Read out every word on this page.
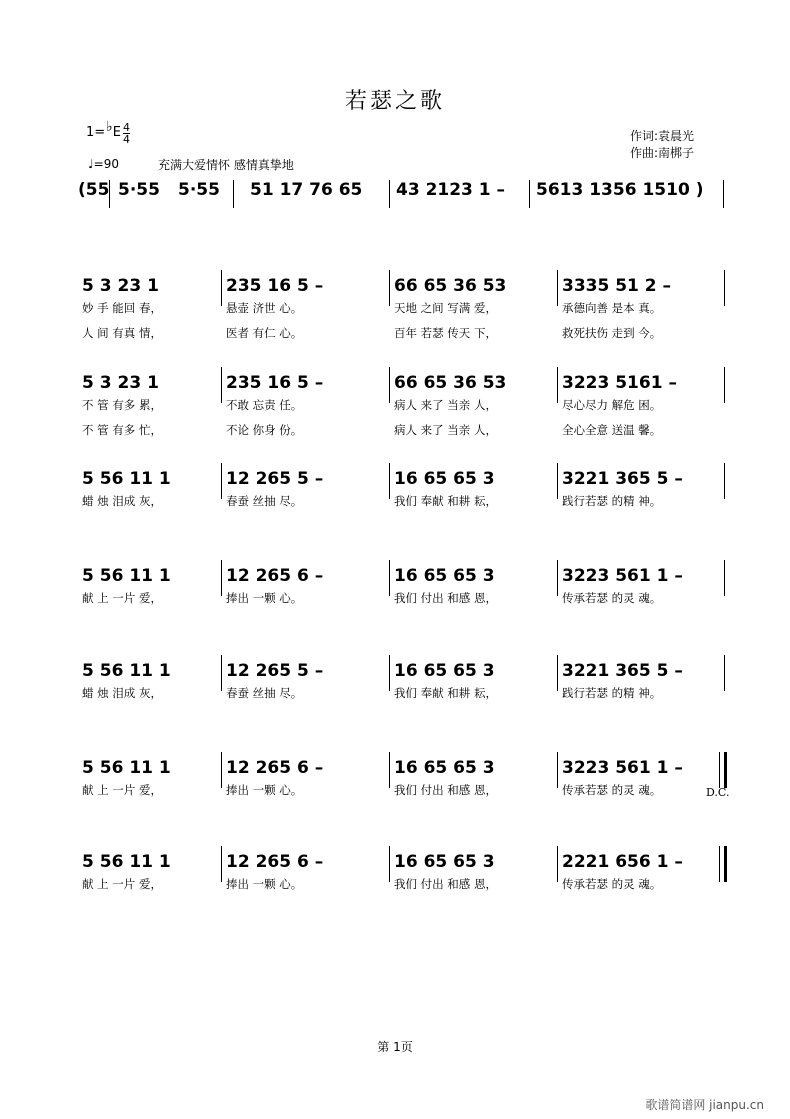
若瑟之歌
1= ♭ E $\frac{4}{4}$
♩=90	充满大爱情怀 感情真挚地
作词:袁晨光
作曲:南梆子
(55 5·55 5·55 51 17 76 65 43 2123 1 – 5613 1356 1510 )
5 3 23 1	235 16 5 –	66 65 36 53	3335 51 2 –
妙 手 能回 春，	悬壶 济世 心。	天地 之间 写满 爱，	承德向善 是本 真。
人 间 有真 情，	医者 有仁 心。	百年 若瑟 传天 下，	救死扶伤 走到 今。
5 3 23 1	235 16 5 –	66 65 36 53	3223 5161 –
不 管 有多 累，	不敢 忘责 任。	病人 来了 当亲 人，	尽心尽力 解危 困。
不 管 有多 忙，	不论 你身 份。	病人 来了 当亲 人，	全心全意 送温 馨。
5 56 11 1	12 265 5 –	16 65 65 3	3221 365 5 –
蜡 烛 泪成 灰，	春蚕 丝抽 尽。	我们 奉献 和耕 耘，	践行若瑟 的精 神。
5 56 11 1	12 265 6 –	16 65 65 3	3223 561 1 –
献 上 一片 爱，	捧出 一颗 心。	我们 付出 和感 恩，	传承若瑟 的灵 魂。
5 56 11 1	12 265 5 –	16 65 65 3	3221 365 5 –
蜡 烛 泪成 灰，	春蚕 丝抽 尽。	我们 奉献 和耕 耘，	践行若瑟 的精 神。
5 56 11 1	12 265 6 –	16 65 65 3	3223 561 1 –
献 上 一片 爱，	捧出 一颗 心。	我们 付出 和感 恩，	传承若瑟 的灵 魂。	D.C.
5 56 11 1	12 265 6 –	16 65 65 3	2221 656 1 –
献 上 一片 爱，	捧出 一颗 心。	我们 付出 和感 恩，	传承若瑟 的灵 魂。
第 1页
歌谱简谱网 jianpu.cn
